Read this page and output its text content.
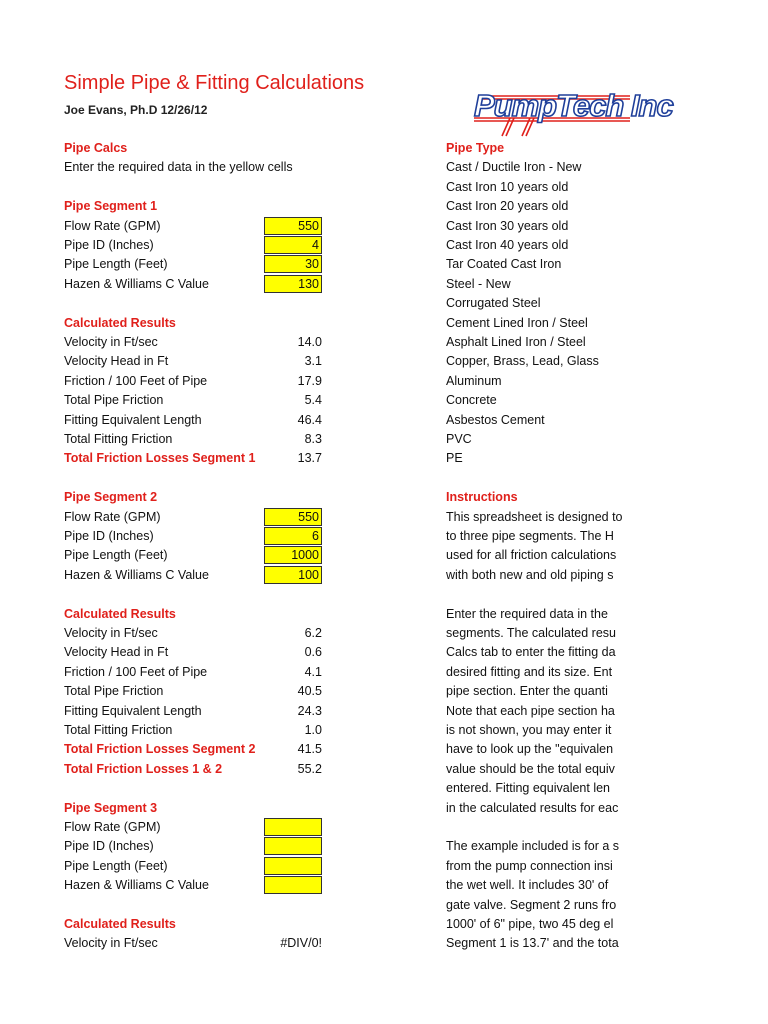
Simple Pipe & Fitting Calculations
Joe Evans, Ph.D 12/26/12	PumpTech Inc
Pipe Calcs
Enter the required data in the yellow cells
Pipe Segment 1
Flow Rate (GPM)	550
Pipe ID (Inches)	4
Pipe Length (Feet)	30
Hazen & Williams C Value	130
Calculated Results
Velocity in Ft/sec	14.0
Velocity Head in Ft	3.1
Friction / 100 Feet of Pipe	17.9
Total Pipe Friction	5.4
Fitting Equivalent Length	46.4
Total Fitting Friction	8.3
Total Friction Losses Segment 1	13.7
Pipe Segment 2
Flow Rate (GPM)	550
Pipe ID (Inches)	6
Pipe Length (Feet)	1000
Hazen & Williams C Value	100
Calculated Results
Velocity in Ft/sec	6.2
Velocity Head in Ft	0.6
Friction / 100 Feet of Pipe	4.1
Total Pipe Friction	40.5
Fitting Equivalent Length	24.3
Total Fitting Friction	1.0
Total Friction Losses Segment 2	41.5
Total Friction Losses 1 & 2	55.2
Pipe Segment 3
Flow Rate (GPM)
Pipe ID (Inches)
Pipe Length (Feet)
Hazen & Williams C Value
Calculated Results
Velocity in Ft/sec	#DIV/0!
Pipe Type
Cast / Ductile Iron - New
Cast Iron 10 years old
Cast Iron 20 years old
Cast Iron 30 years old
Cast Iron 40 years old
Tar Coated Cast Iron
Steel - New
Corrugated Steel
Cement Lined Iron / Steel
Asphalt Lined Iron / Steel
Copper, Brass, Lead, Glass
Aluminum
Concrete
Asbestos Cement
PVC
PE
Instructions
This spreadsheet is designed to
to three pipe segments. The H
used for all friction calculations
with both new and old piping s
Enter the required data in the
segments. The calculated resu
Calcs tab to enter the fitting da
desired fitting and its size. Ent
pipe section. Enter the quanti
Note that each pipe section ha
is not shown, you may enter it
have to look up the "equivalen
value should be the total equiv
entered. Fitting equivalent len
in the calculated results for eac
The example included is for a s
from the pump connection insi
the wet well. It includes 30' of
gate valve. Segment 2 runs fro
1000' of 6" pipe, two 45 deg el
Segment 1 is 13.7' and the tota
